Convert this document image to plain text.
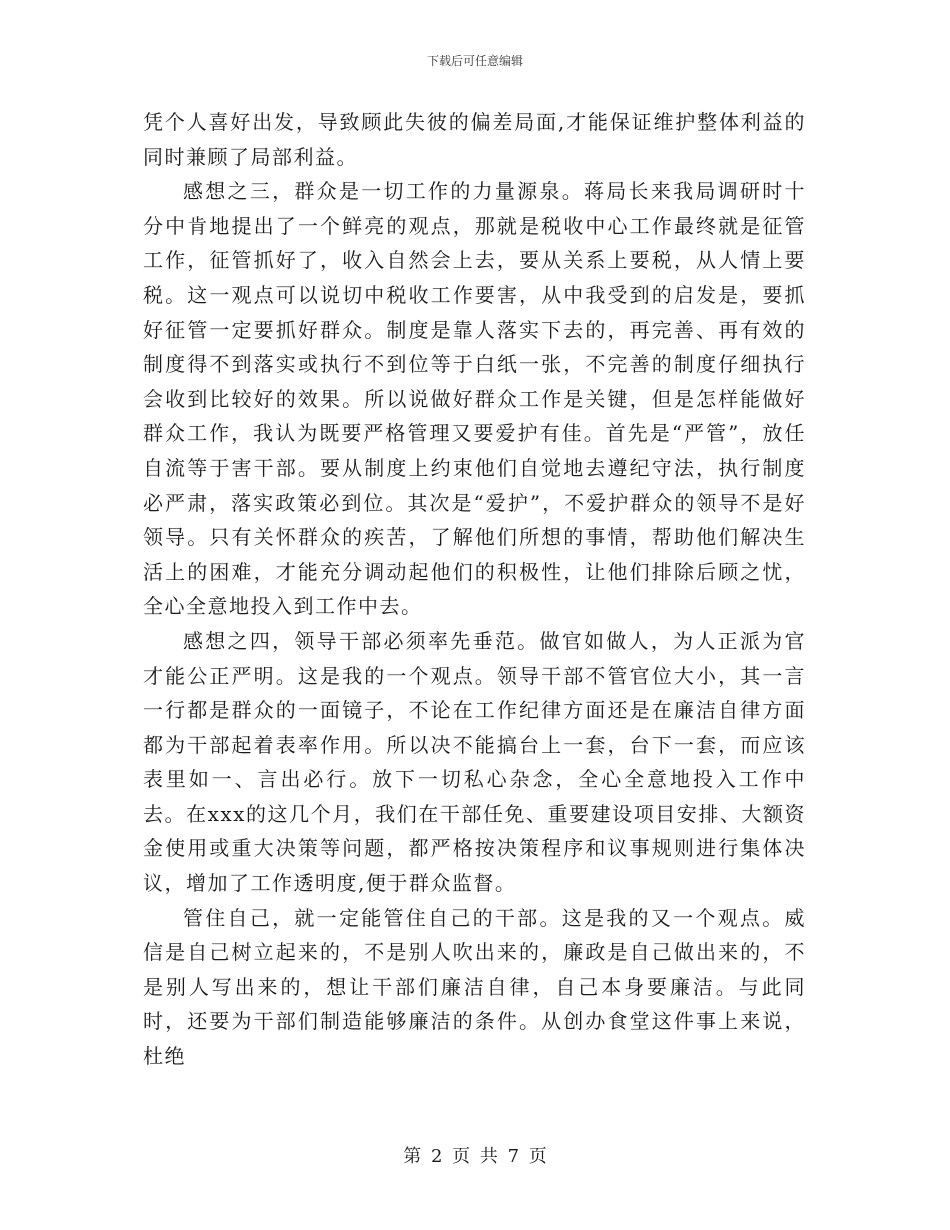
下载后可任意编辑

凭个人喜好出发，导致顾此失彼的偏差局面,才能保证维护整体利益的同时兼顾了局部利益。

感想之三，群众是一切工作的力量源泉。蒋局长来我局调研时十分中肯地提出了一个鲜亮的观点，那就是税收中心工作最终就是征管工作，征管抓好了，收入自然会上去，要从关系上要税，从人情上要税。这一观点可以说切中税收工作要害，从中我受到的启发是，要抓好征管一定要抓好群众。制度是靠人落实下去的，再完善、再有效的制度得不到落实或执行不到位等于白纸一张，不完善的制度仔细执行会收到比较好的效果。所以说做好群众工作是关键，但是怎样能做好群众工作，我认为既要严格管理又要爱护有佳。首先是“严管”，放任自流等于害干部。要从制度上约束他们自觉地去遵纪守法，执行制度必严肃，落实政策必到位。其次是“爱护”，不爱护群众的领导不是好领导。只有关怀群众的疾苦，了解他们所想的事情，帮助他们解决生活上的困难，才能充分调动起他们的积极性，让他们排除后顾之忧，全心全意地投入到工作中去。

感想之四，领导干部必须率先垂范。做官如做人，为人正派为官才能公正严明。这是我的一个观点。领导干部不管官位大小，其一言一行都是群众的一面镜子，不论在工作纪律方面还是在廉洁自律方面都为干部起着表率作用。所以决不能搞台上一套，台下一套，而应该表里如一、言出必行。放下一切私心杂念，全心全意地投入工作中去。在xxx的这几个月，我们在干部任免、重要建设项目安排、大额资金使用或重大决策等问题，都严格按决策程序和议事规则进行集体决议，增加了工作透明度,便于群众监督。

管住自己，就一定能管住自己的干部。这是我的又一个观点。威信是自己树立起来的，不是别人吹出来的，廉政是自己做出来的，不是别人写出来的，想让干部们廉洁自律，自己本身要廉洁。与此同时，还要为干部们制造能够廉洁的条件。从创办食堂这件事上来说，杜绝

第 2 页 共 7 页
